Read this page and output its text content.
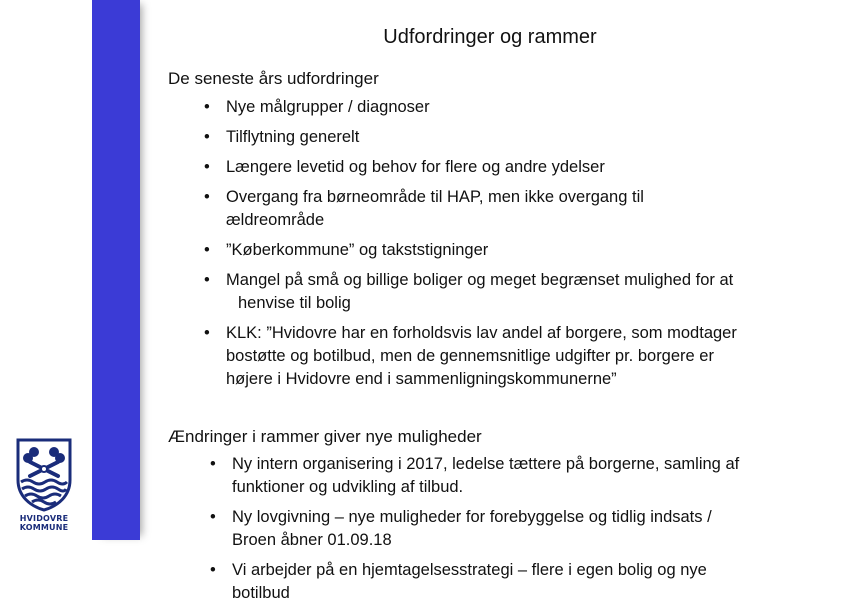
HVIDOVRE
KOMMUNE
Udfordringer og rammer
De seneste års udfordringer
• Nye målgrupper / diagnoser
• Tilflytning generelt
• Længere levetid og behov for flere og andre ydelser
• Overgang fra børneområde til HAP, men ikke overgang til
ældreområde
• ”Køberkommune” og takststigninger
• Mangel på små og billige boliger og meget begrænset mulighed for at
henvise til bolig
• KLK: ”Hvidovre har en forholdsvis lav andel af borgere, som modtager
bostøtte og botilbud, men de gennemsnitlige udgifter pr. borgere er
højere i Hvidovre end i sammenligningskommunerne”
Ændringer i rammer giver nye muligheder
• Ny intern organisering i 2017, ledelse tættere på borgerne, samling af
funktioner og udvikling af tilbud.
• Ny lovgivning – nye muligheder for forebyggelse og tidlig indsats /
Broen åbner 01.09.18
• Vi arbejder på en hjemtagelsesstrategi – flere i egen bolig og nye
botilbud
